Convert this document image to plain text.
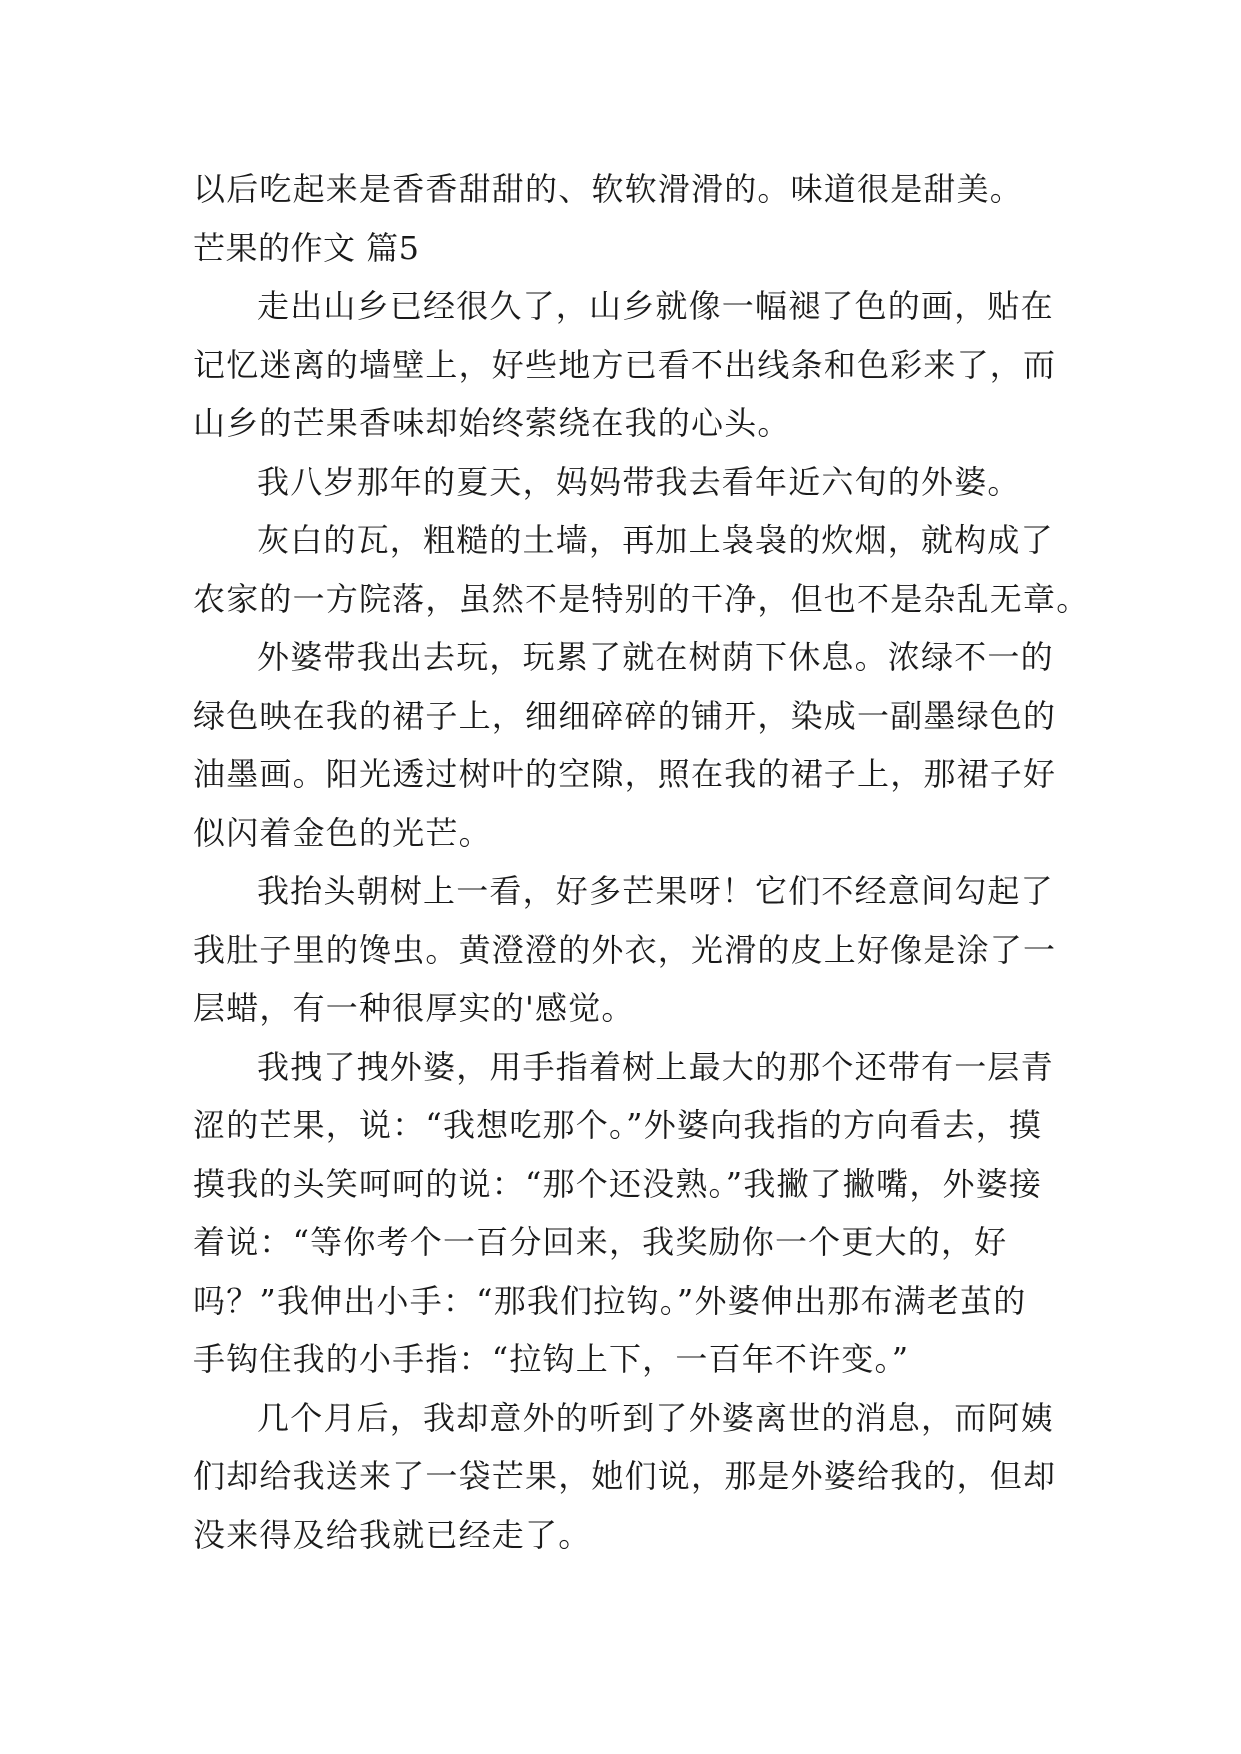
以后吃起来是香香甜甜的、软软滑滑的。味道很是甜美。
芒果的作文 篇5
走出山乡已经很久了，山乡就像一幅褪了色的画，贴在
记忆迷离的墙壁上，好些地方已看不出线条和色彩来了，而
山乡的芒果香味却始终萦绕在我的心头。
我八岁那年的夏天，妈妈带我去看年近六旬的外婆。
灰白的瓦，粗糙的土墙，再加上袅袅的炊烟，就构成了
农家的一方院落，虽然不是特别的干净，但也不是杂乱无章。
外婆带我出去玩，玩累了就在树荫下休息。浓绿不一的
绿色映在我的裙子上，细细碎碎的铺开，染成一副墨绿色的
油墨画。阳光透过树叶的空隙，照在我的裙子上，那裙子好
似闪着金色的光芒。
我抬头朝树上一看，好多芒果呀！它们不经意间勾起了
我肚子里的馋虫。黄澄澄的外衣，光滑的皮上好像是涂了一
层蜡，有一种很厚实的'感觉。
我拽了拽外婆，用手指着树上最大的那个还带有一层青
涩的芒果，说：“我想吃那个。”外婆向我指的方向看去，摸
摸我的头笑呵呵的说：“那个还没熟。”我撇了撇嘴，外婆接
着说：“等你考个一百分回来，我奖励你一个更大的，好
吗？”我伸出小手：“那我们拉钩。”外婆伸出那布满老茧的
手钩住我的小手指：“拉钩上下，一百年不许变。”
几个月后，我却意外的听到了外婆离世的消息，而阿姨
们却给我送来了一袋芒果，她们说，那是外婆给我的，但却
没来得及给我就已经走了。
